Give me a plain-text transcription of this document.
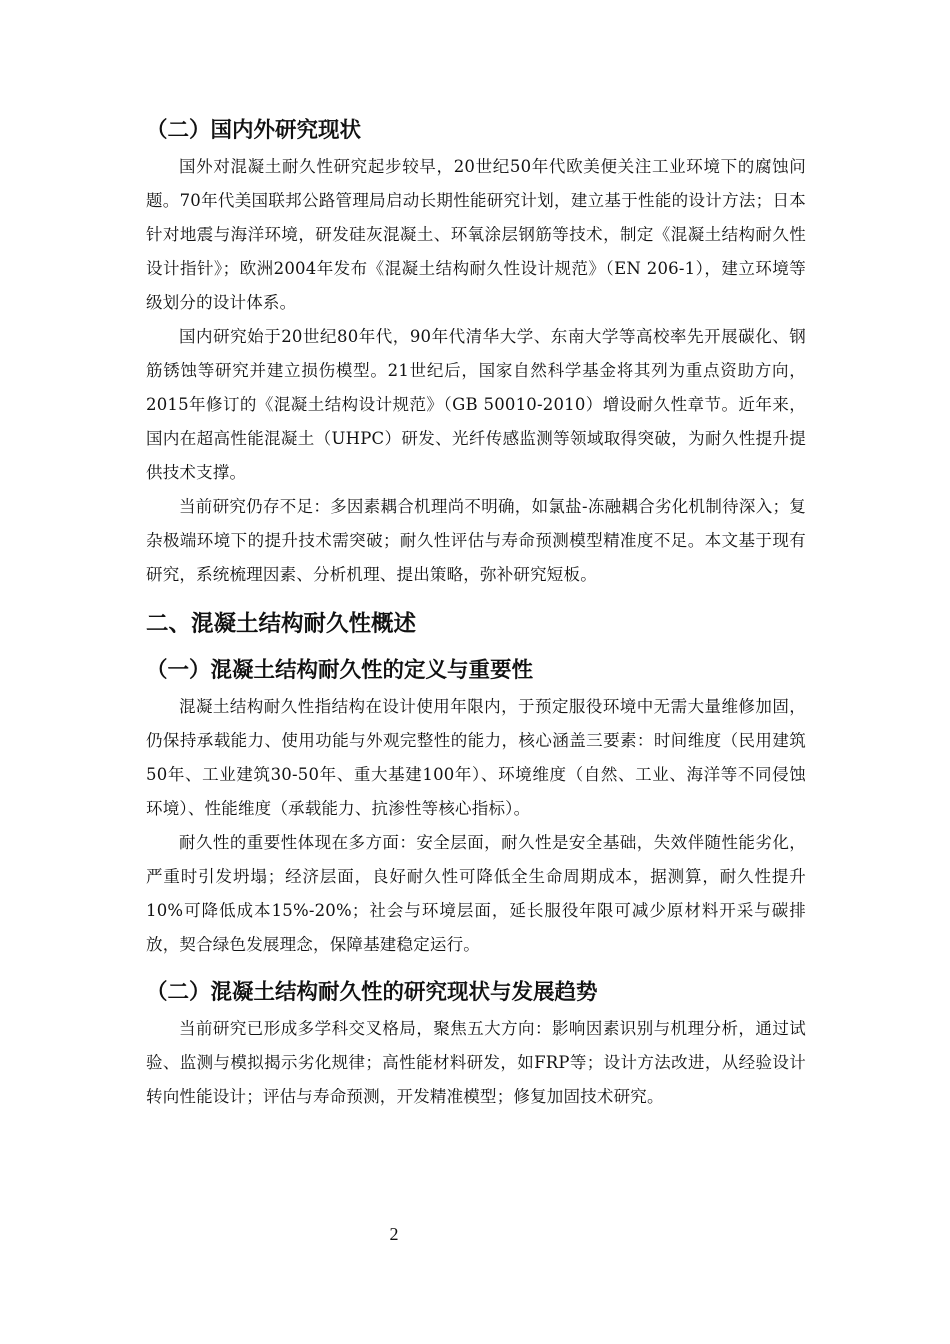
（二）国内外研究现状

国外对混凝土耐久性研究起步较早，20世纪50年代欧美便关注工业环境下的腐蚀问题。70年代美国联邦公路管理局启动长期性能研究计划，建立基于性能的设计方法；日本针对地震与海洋环境，研发硅灰混凝土、环氧涂层钢筋等技术，制定《混凝土结构耐久性设计指针》；欧洲2004年发布《混凝土结构耐久性设计规范》（EN 206-1），建立环境等级划分的设计体系。

国内研究始于20世纪80年代，90年代清华大学、东南大学等高校率先开展碳化、钢筋锈蚀等研究并建立损伤模型。21世纪后，国家自然科学基金将其列为重点资助方向，2015年修订的《混凝土结构设计规范》（GB 50010-2010）增设耐久性章节。近年来，国内在超高性能混凝土（UHPC）研发、光纤传感监测等领域取得突破，为耐久性提升提供技术支撑。

当前研究仍存不足：多因素耦合机理尚不明确，如氯盐-冻融耦合劣化机制待深入；复杂极端环境下的提升技术需突破；耐久性评估与寿命预测模型精准度不足。本文基于现有研究，系统梳理因素、分析机理、提出策略，弥补研究短板。

二、混凝土结构耐久性概述
（一）混凝土结构耐久性的定义与重要性

混凝土结构耐久性指结构在设计使用年限内，于预定服役环境中无需大量维修加固，仍保持承载能力、使用功能与外观完整性的能力，核心涵盖三要素：时间维度（民用建筑50年、工业建筑30-50年、重大基建100年）、环境维度（自然、工业、海洋等不同侵蚀环境）、性能维度（承载能力、抗渗性等核心指标）。

耐久性的重要性体现在多方面：安全层面，耐久性是安全基础，失效伴随性能劣化，严重时引发坍塌；经济层面，良好耐久性可降低全生命周期成本，据测算，耐久性提升10%可降低成本15%-20%；社会与环境层面，延长服役年限可减少原材料开采与碳排放，契合绿色发展理念，保障基建稳定运行。

（二）混凝土结构耐久性的研究现状与发展趋势

当前研究已形成多学科交叉格局，聚焦五大方向：影响因素识别与机理分析，通过试验、监测与模拟揭示劣化规律；高性能材料研发，如FRP等；设计方法改进，从经验设计转向性能设计；评估与寿命预测，开发精准模型；修复加固技术研究。

2
